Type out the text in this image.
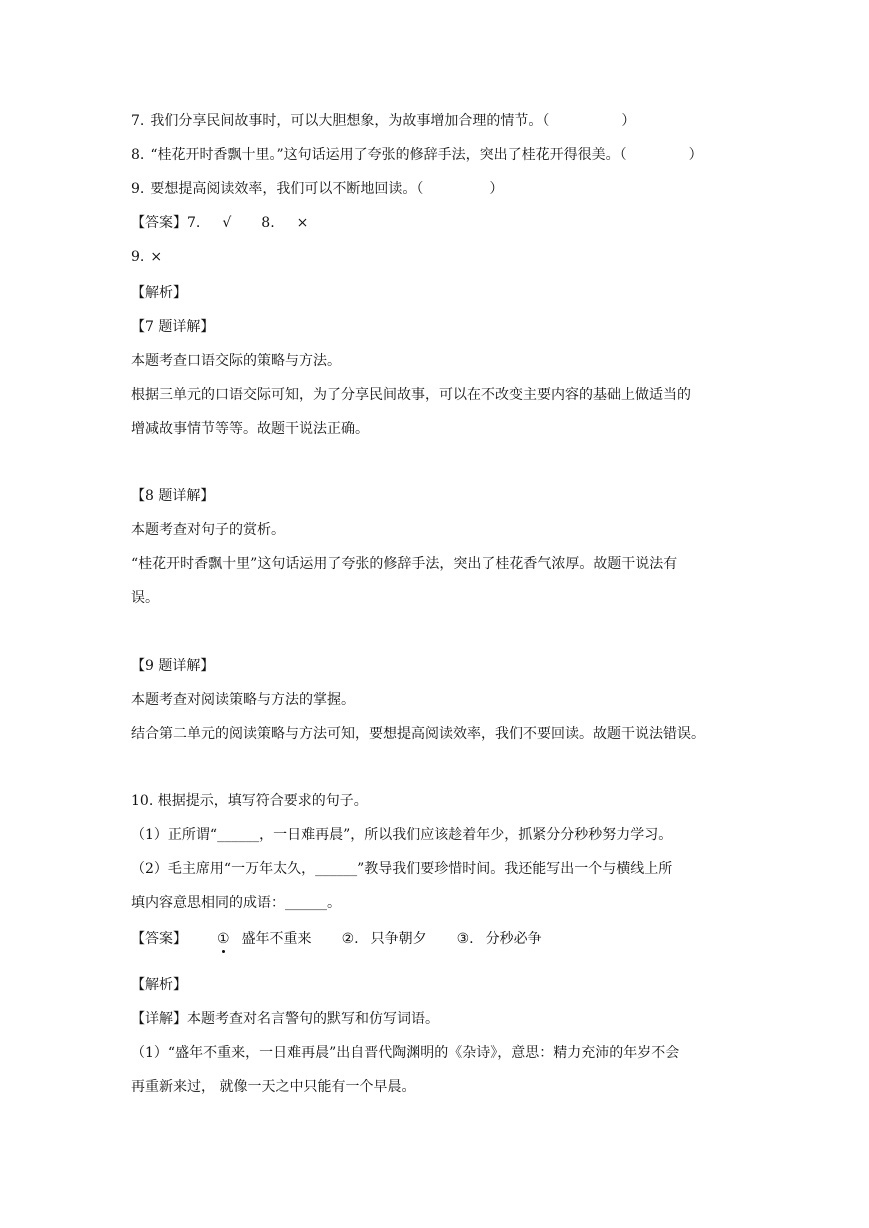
7. 我们分享民间故事时，可以大胆想象，为故事增加合理的情节。（	）
8. “桂花开时香飘十里。”这句话运用了夸张的修辞手法，突出了桂花开得很美。（	）
9. 要想提高阅读效率，我们可以不断地回读。（	）
【答案】7. √ 8. ×
9. ×
【解析】
【7 题详解】
本题考查口语交际的策略与方法。
根据三单元的口语交际可知，为了分享民间故事，可以在不改变主要内容的基础上做适当的
增减故事情节等等。故题干说法正确。
【8 题详解】
本题考查对句子的赏析。
“桂花开时香飘十里”这句话运用了夸张的修辞手法，突出了桂花香气浓厚。故题干说法有
误。
【9 题详解】
本题考查对阅读策略与方法的掌握。
结合第二单元的阅读策略与方法可知，要想提高阅读效率，我们不要回读。故题干说法错误。
10. 根据提示，填写符合要求的句子。
（1）正所谓“______，一日难再晨”，所以我们应该趁着年少，抓紧分分秒秒努力学习。
（2）毛主席用“一万年太久，______”教导我们要珍惜时间。我还能写出一个与横线上所
填内容意思相同的成语：______。
【答案】 ① 盛年不重来 ②. 只争朝夕 ③. 分秒必争
【解析】
【详解】本题考查对名言警句的默写和仿写词语。
（1）“盛年不重来，一日难再晨”出自晋代陶渊明的《杂诗》，意思：精力充沛的年岁不会
再重新来过， 就像一天之中只能有一个早晨。
